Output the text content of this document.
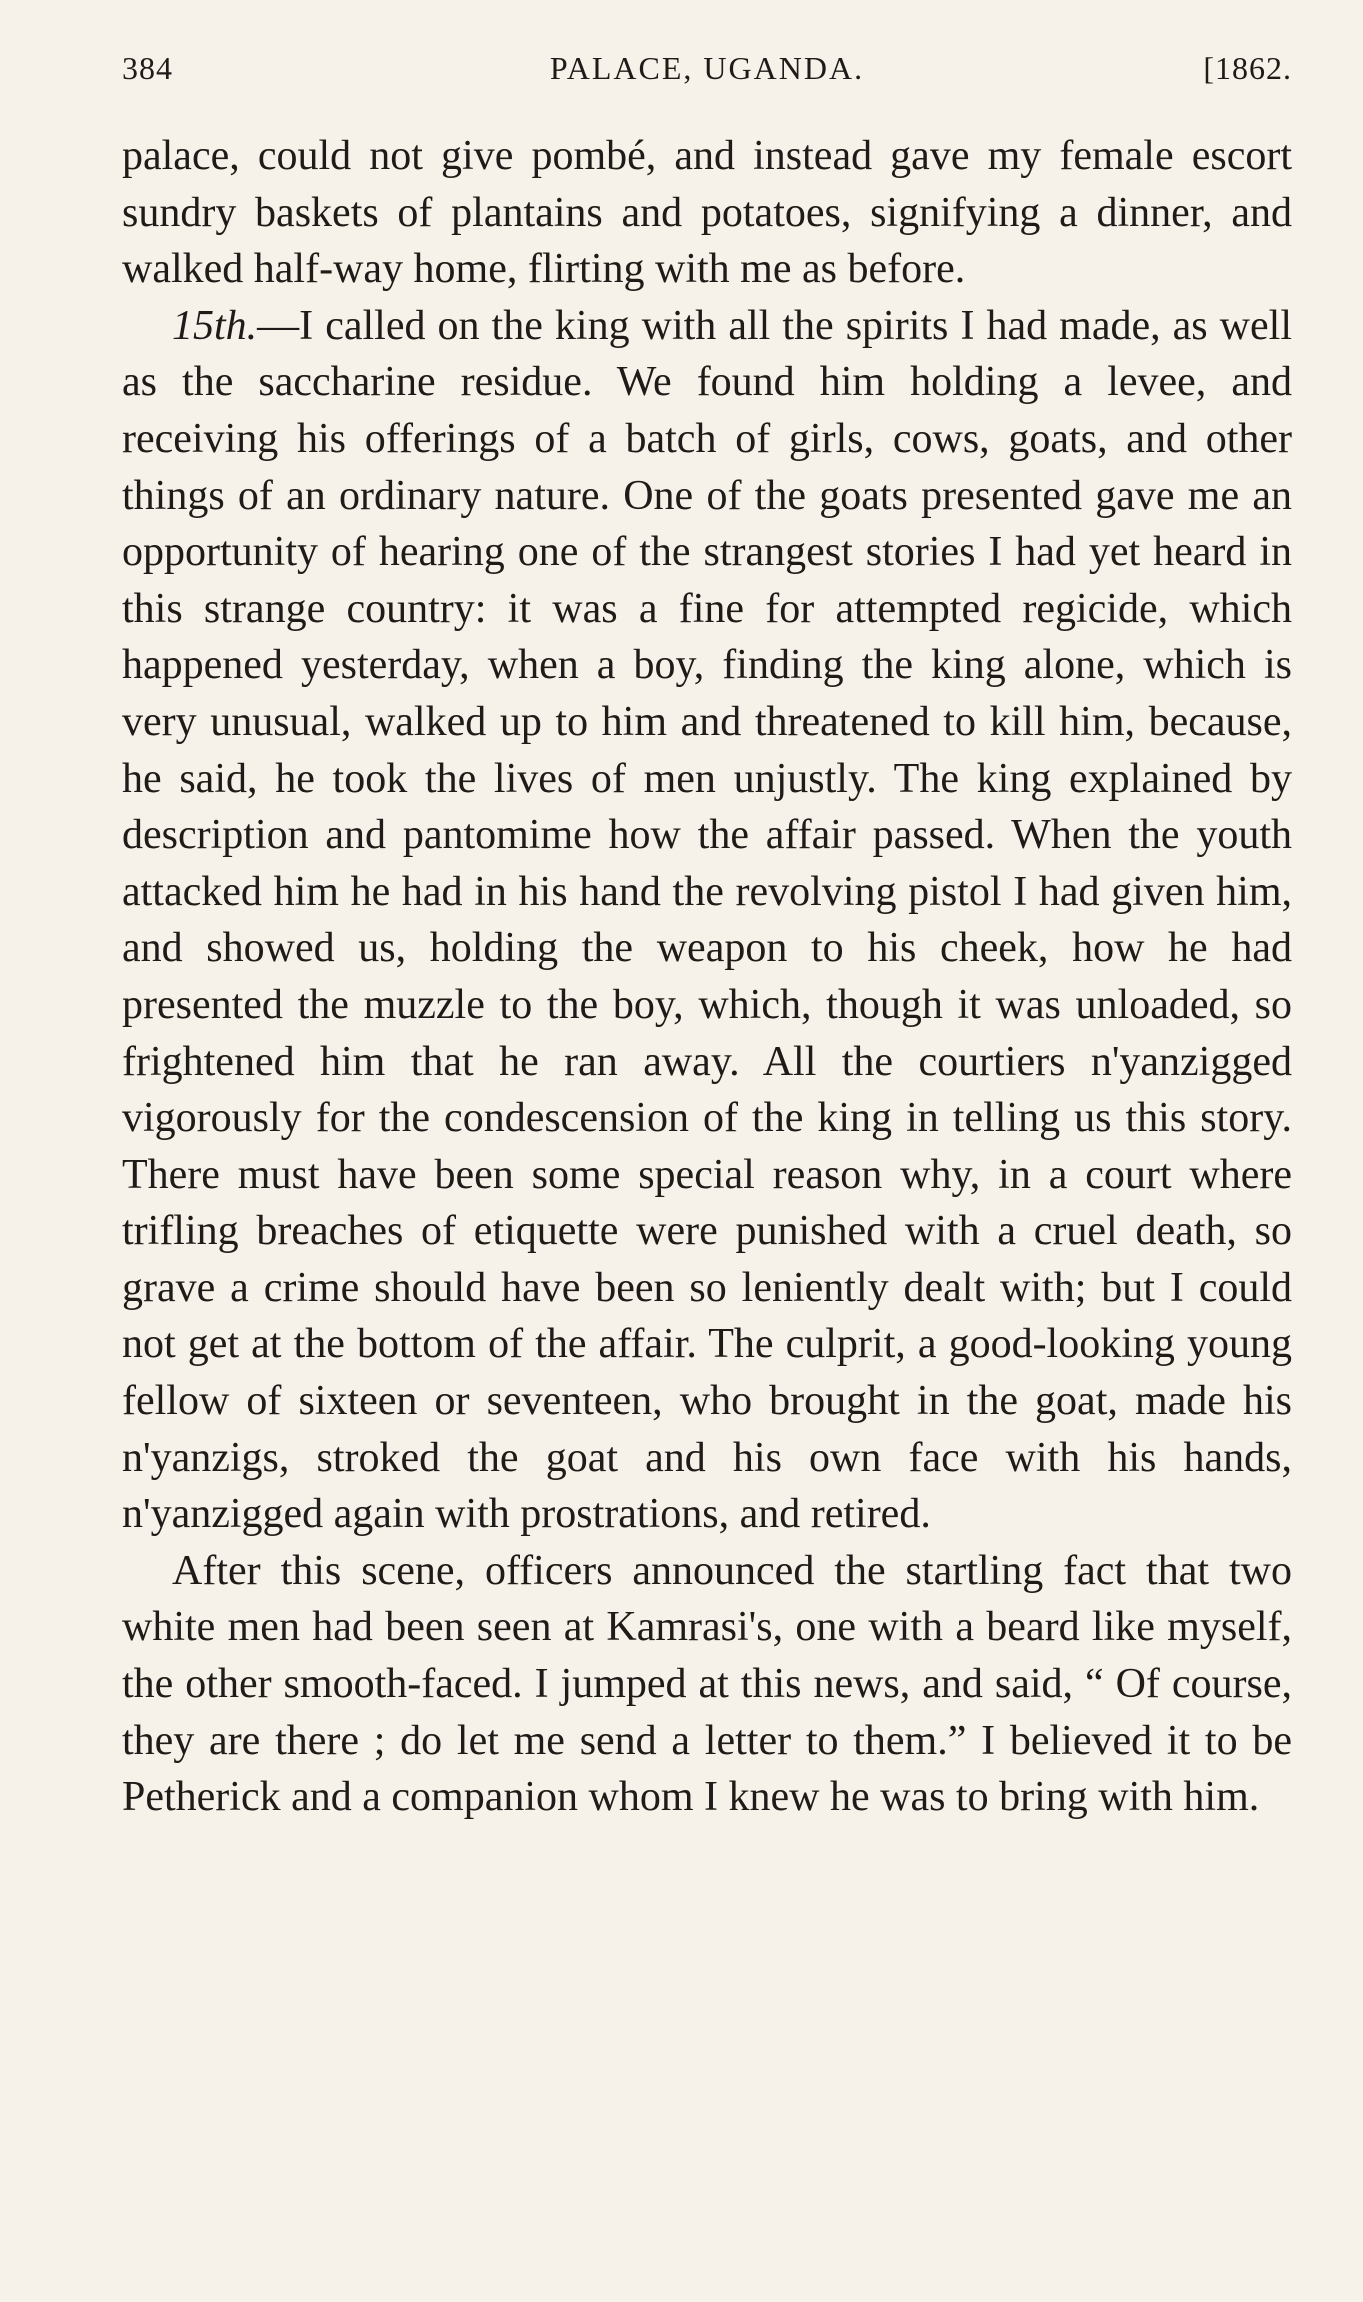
384	PALACE, UGANDA.	[1862.

palace, could not give pombé, and instead gave my female escort sundry baskets of plantains and potatoes, signifying a dinner, and walked half-way home, flirting with me as before.

15th.—I called on the king with all the spirits I had made, as well as the saccharine residue. We found him holding a levee, and receiving his offerings of a batch of girls, cows, goats, and other things of an ordinary nature. One of the goats presented gave me an opportunity of hearing one of the strangest stories I had yet heard in this strange country: it was a fine for attempted regicide, which happened yesterday, when a boy, finding the king alone, which is very unusual, walked up to him and threatened to kill him, because, he said, he took the lives of men unjustly. The king explained by description and pantomime how the affair passed. When the youth attacked him he had in his hand the revolving pistol I had given him, and showed us, holding the weapon to his cheek, how he had presented the muzzle to the boy, which, though it was unloaded, so frightened him that he ran away. All the courtiers n'yanzigged vigorously for the condescension of the king in telling us this story. There must have been some special reason why, in a court where trifling breaches of etiquette were punished with a cruel death, so grave a crime should have been so leniently dealt with; but I could not get at the bottom of the affair. The culprit, a good-looking young fellow of sixteen or seventeen, who brought in the goat, made his n'yanzigs, stroked the goat and his own face with his hands, n'yanzigged again with prostrations, and retired.

After this scene, officers announced the startling fact that two white men had been seen at Kamrasi's, one with a beard like myself, the other smooth-faced. I jumped at this news, and said, “ Of course, they are there ; do let me send a letter to them.” I believed it to be Petherick and a companion whom I knew he was to bring with him.
